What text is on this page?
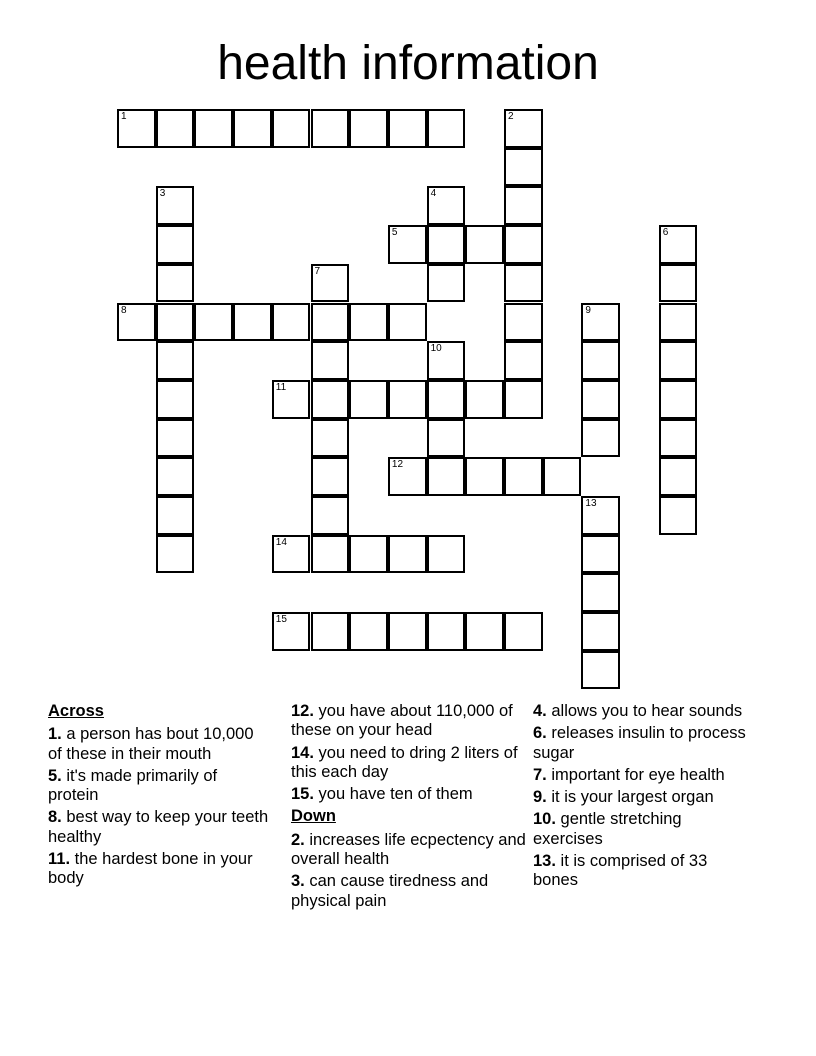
health information
1	2
3	4
5	6
7
8	9
10
11
12
13
14
15
Across
1. a person has bout 10,000 of these in their mouth
5. it's made primarily of protein
8. best way to keep your teeth healthy
11. the hardest bone in your body
12. you have about 110,000 of these on your head
14. you need to dring 2 liters of this each day
15. you have ten of them
Down
2. increases life ecpectency and overall health
3. can cause tiredness and physical pain
4. allows you to hear sounds
6. releases insulin to process sugar
7. important for eye health
9. it is your largest organ
10. gentle stretching exercises
13. it is comprised of 33 bones
